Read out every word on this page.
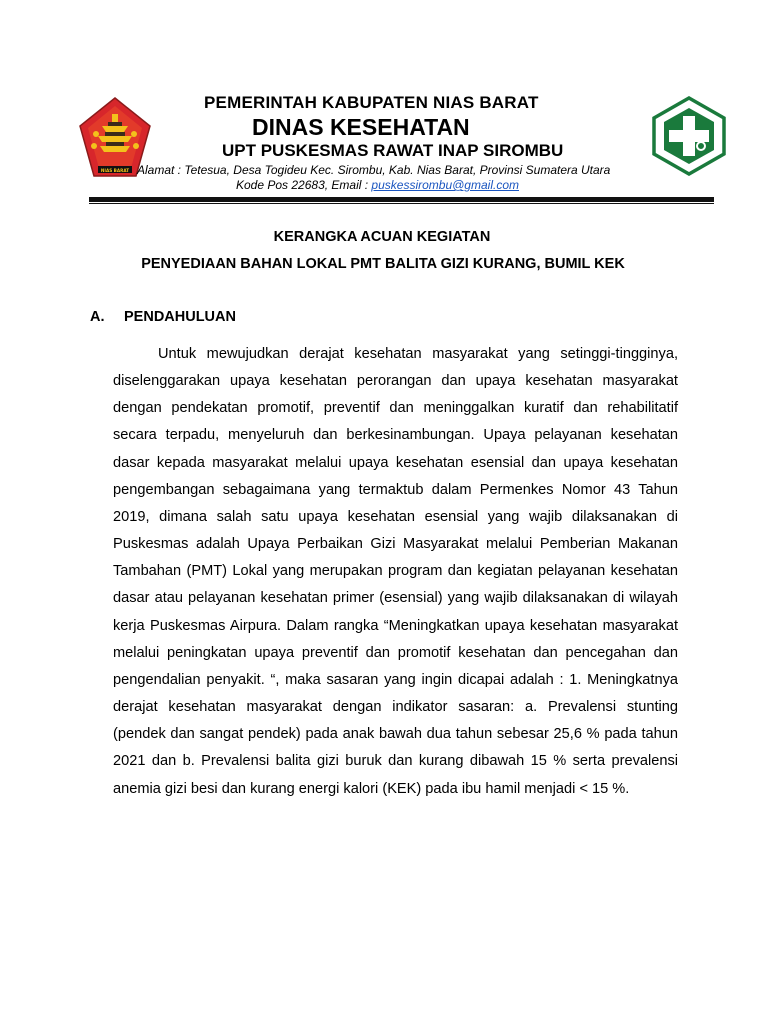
NIAS BARAT
PEMERINTAH KABUPATEN NIAS BARAT
DINAS KESEHATAN
UPT PUSKESMAS RAWAT INAP SIROMBU
Alamat : Tetesua, Desa Togideu Kec. Sirombu, Kab. Nias Barat, Provinsi Sumatera Utara
Kode Pos 22683, Email : puskessirombu@gmail.com
KERANGKA ACUAN KEGIATAN
PENYEDIAAN BAHAN LOKAL PMT BALITA GIZI KURANG, BUMIL KEK
A. PENDAHULUAN

Untuk mewujudkan derajat kesehatan masyarakat yang setinggi-tingginya, diselenggarakan upaya kesehatan perorangan dan upaya kesehatan masyarakat dengan pendekatan promotif, preventif dan meninggalkan kuratif dan rehabilitatif secara terpadu, menyeluruh dan berkesinambungan. Upaya pelayanan kesehatan dasar kepada masyarakat melalui upaya kesehatan esensial dan upaya kesehatan pengembangan sebagaimana yang termaktub dalam Permenkes Nomor 43 Tahun 2019, dimana salah satu upaya kesehatan esensial yang wajib dilaksanakan di Puskesmas adalah Upaya Perbaikan Gizi Masyarakat melalui Pemberian Makanan Tambahan (PMT) Lokal yang merupakan program dan kegiatan pelayanan kesehatan dasar atau pelayanan kesehatan primer (esensial) yang wajib dilaksanakan di wilayah kerja Puskesmas Airpura. Dalam rangka “Meningkatkan upaya kesehatan masyarakat melalui peningkatan upaya preventif dan promotif kesehatan dan pencegahan dan pengendalian penyakit. “, maka sasaran yang ingin dicapai adalah : 1. Meningkatnya derajat kesehatan masyarakat dengan indikator sasaran: a. Prevalensi stunting (pendek dan sangat pendek) pada anak bawah dua tahun sebesar 25,6 % pada tahun 2021 dan b. Prevalensi balita gizi buruk dan kurang dibawah 15 % serta prevalensi anemia gizi besi dan kurang energi kalori (KEK) pada ibu hamil menjadi < 15 %.
